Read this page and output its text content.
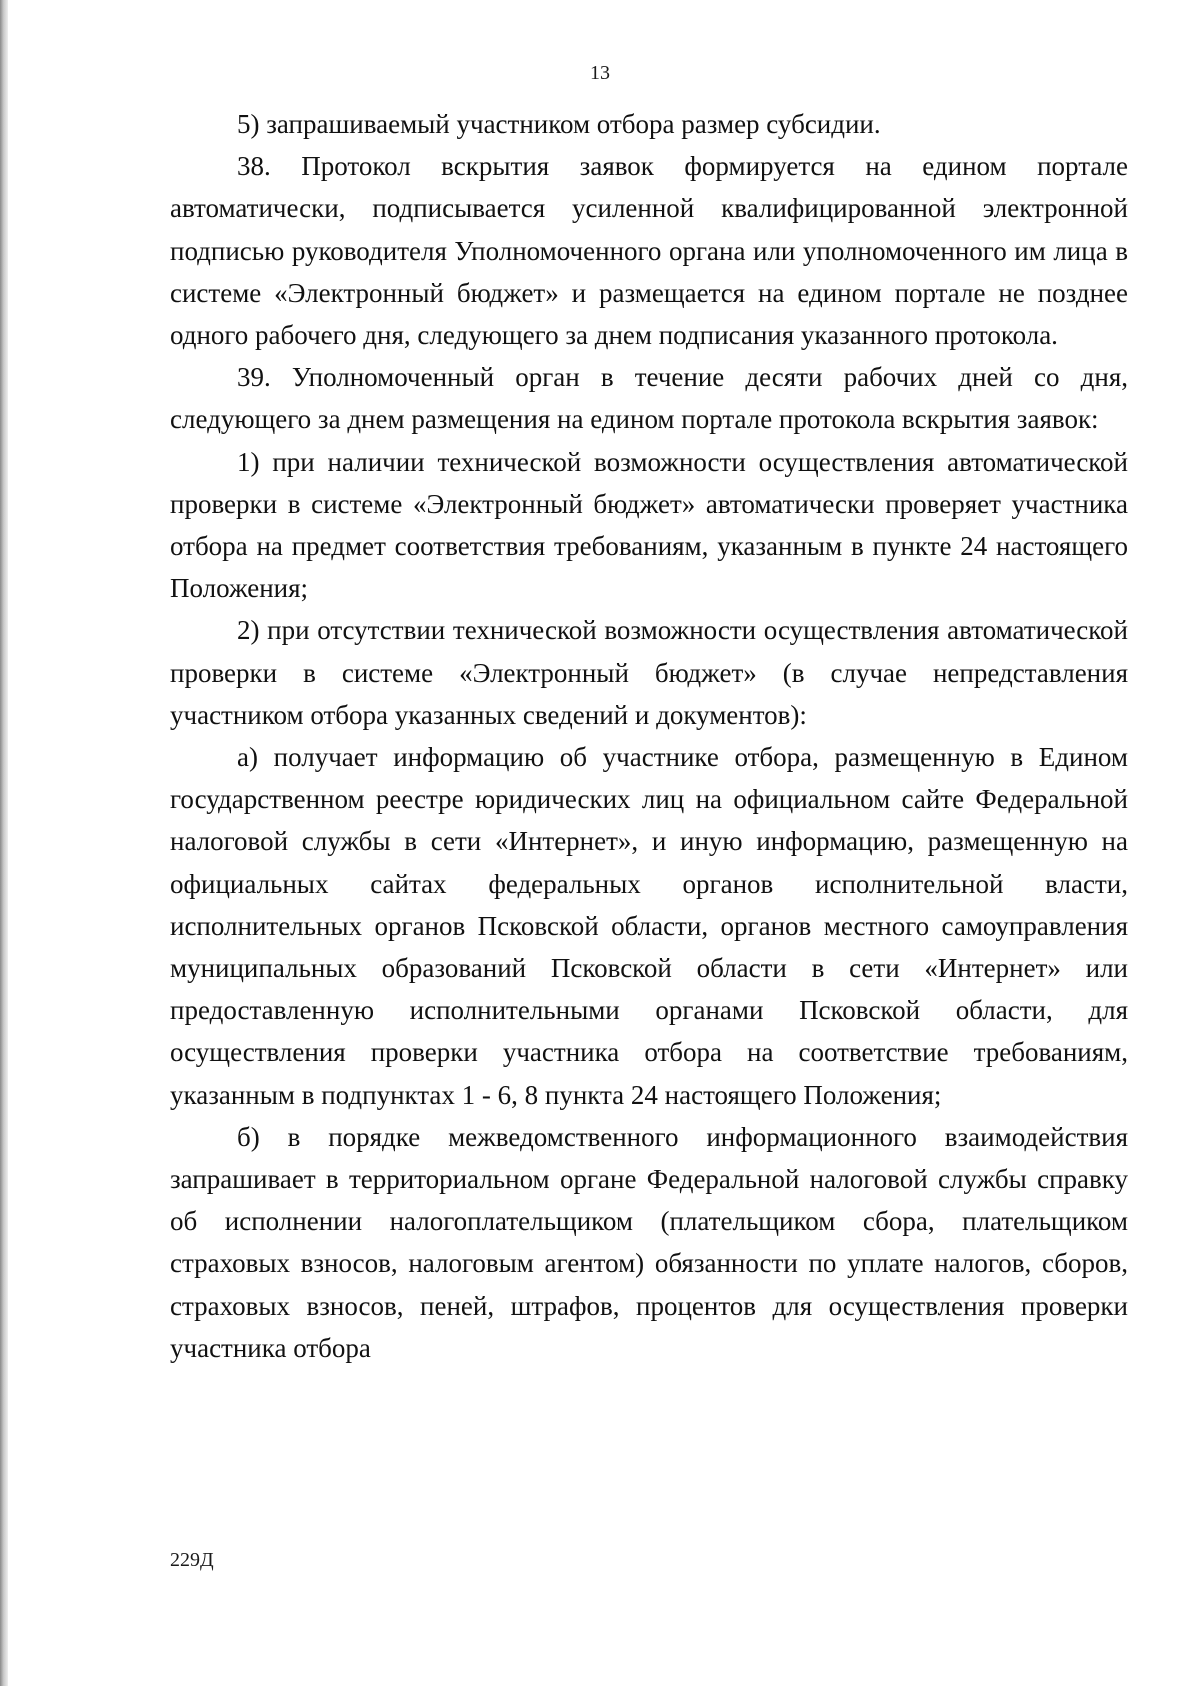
13

5) запрашиваемый участником отбора размер субсидии.

38. Протокол вскрытия заявок формируется на едином портале автоматически, подписывается усиленной квалифицированной электронной подписью руководителя Уполномоченного органа или уполномоченного им лица в системе «Электронный бюджет» и размещается на едином портале не позднее одного рабочего дня, следующего за днем подписания указанного протокола.

39. Уполномоченный орган в течение десяти рабочих дней со дня, следующего за днем размещения на едином портале протокола вскрытия заявок:

1) при наличии технической возможности осуществления автоматической проверки в системе «Электронный бюджет» автоматически проверяет участника отбора на предмет соответствия требованиям, указанным в пункте 24 настоящего Положения;

2) при отсутствии технической возможности осуществления автоматической проверки в системе «Электронный бюджет» (в случае непредставления участником отбора указанных сведений и документов):

а) получает информацию об участнике отбора, размещенную в Едином государственном реестре юридических лиц на официальном сайте Федеральной налоговой службы в сети «Интернет», и иную информацию, размещенную на официальных сайтах федеральных органов исполнительной власти, исполнительных органов Псковской области, органов местного самоуправления муниципальных образований Псковской области в сети «Интернет» или предоставленную исполнительными органами Псковской области, для осуществления проверки участника отбора на соответствие требованиям, указанным в подпунктах 1 - 6, 8 пункта 24 настоящего Положения;

б) в порядке межведомственного информационного взаимодействия запрашивает в территориальном органе Федеральной налоговой службы справку об исполнении налогоплательщиком (плательщиком сбора, плательщиком страховых взносов, налоговым агентом) обязанности по уплате налогов, сборов, страховых взносов, пеней, штрафов, процентов для осуществления проверки участника отбора

229Д
